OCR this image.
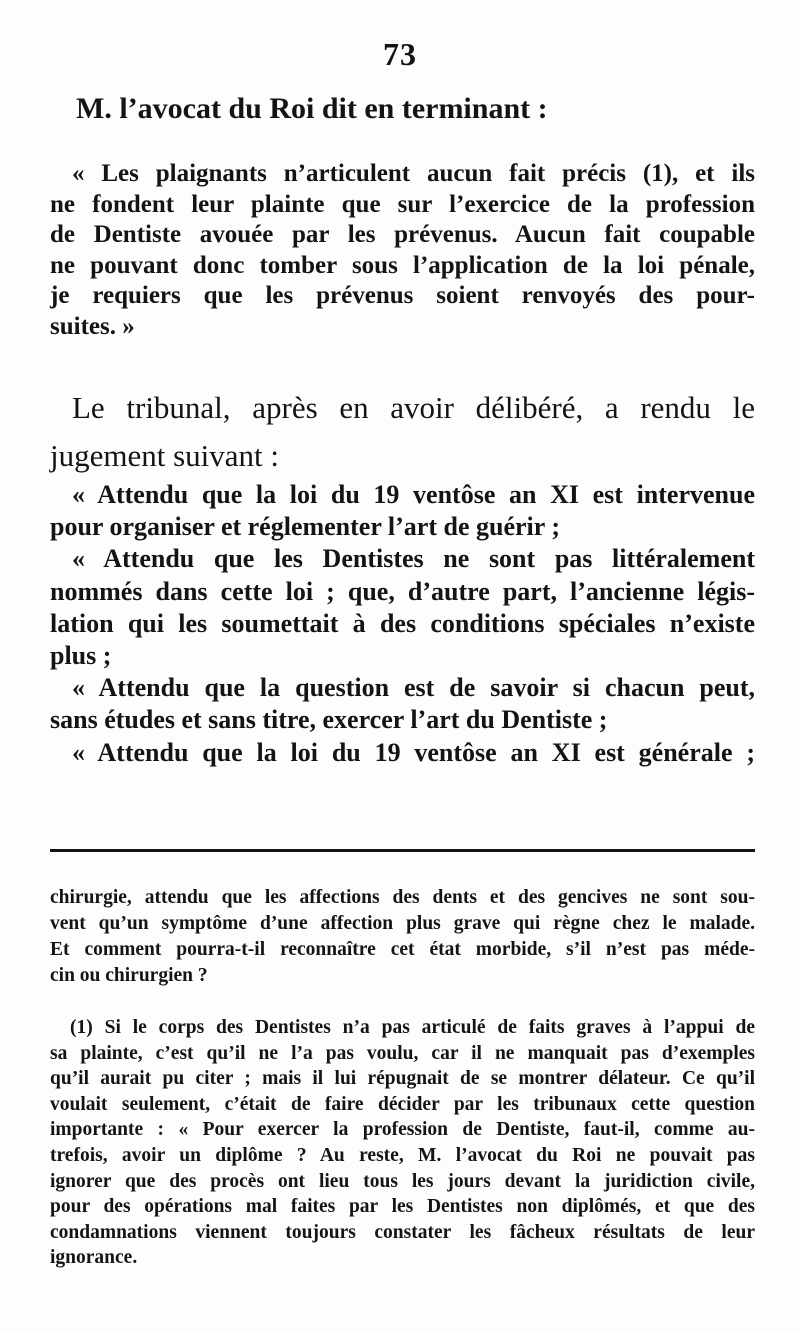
73
M. l’avocat du Roi dit en terminant :
« Les plaignants n’articulent aucun fait précis (1), et ils
ne fondent leur plainte que sur l’exercice de la profession
de Dentiste avouée par les prévenus. Aucun fait coupable
ne pouvant donc tomber sous l’application de la loi pénale,
je requiers que les prévenus soient renvoyés des pour-
suites. »
Le tribunal, après en avoir délibéré, a rendu le
jugement suivant :
« Attendu que la loi du 19 ventôse an XI est intervenue
pour organiser et réglementer l’art de guérir ;
« Attendu que les Dentistes ne sont pas littéralement
nommés dans cette loi ; que, d’autre part, l’ancienne légis-
lation qui les soumettait à des conditions spéciales n’existe
plus ;
« Attendu que la question est de savoir si chacun peut,
sans études et sans titre, exercer l’art du Dentiste ;
« Attendu que la loi du 19 ventôse an XI est générale ;
chirurgie, attendu que les affections des dents et des gencives ne sont sou-
vent qu’un symptôme d’une affection plus grave qui règne chez le malade.
Et comment pourra-t-il reconnaître cet état morbide, s’il n’est pas méde-
cin ou chirurgien ?
(1) Si le corps des Dentistes n’a pas articulé de faits graves à l’appui de
sa plainte, c’est qu’il ne l’a pas voulu, car il ne manquait pas d’exemples
qu’il aurait pu citer ; mais il lui répugnait de se montrer délateur. Ce qu’il
voulait seulement, c’était de faire décider par les tribunaux cette question
importante : « Pour exercer la profession de Dentiste, faut-il, comme au-
trefois, avoir un diplôme ? Au reste, M. l’avocat du Roi ne pouvait pas
ignorer que des procès ont lieu tous les jours devant la juridiction civile,
pour des opérations mal faites par les Dentistes non diplômés, et que des
condamnations viennent toujours constater les fâcheux résultats de leur
ignorance.
